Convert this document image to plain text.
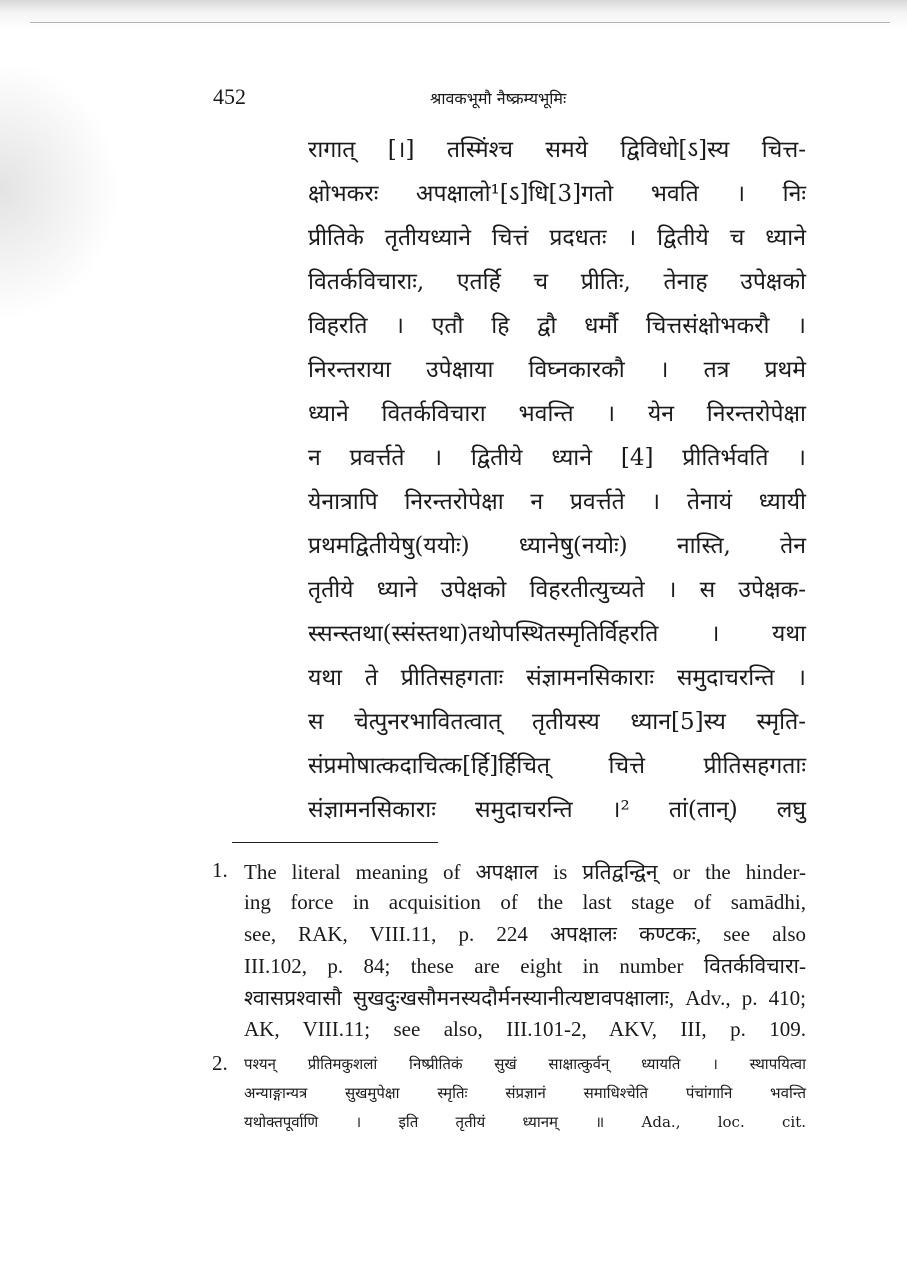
452	श्रावकभूमौ नैष्क्रम्यभूमिः
रागात् [।] तस्मिंश्च समये द्विविधो[ऽ]स्य चित्त-
क्षोभकरः अपक्षालो¹[ऽ]धि[3]गतो भवति । निः
प्रीतिके तृतीयध्याने चित्तं प्रदधतः । द्वितीये च ध्याने
वितर्कविचाराः, एतर्हि च प्रीतिः, तेनाह उपेक्षको
विहरति । एतौ हि द्वौ धर्मौ चित्तसंक्षोभकरौ ।
निरन्तराया उपेक्षाया विघ्नकारकौ । तत्र प्रथमे
ध्याने वितर्कविचारा भवन्ति । येन निरन्तरोपेक्षा
न प्रवर्त्तते । द्वितीये ध्याने [4] प्रीतिर्भवति ।
येनात्रापि निरन्तरोपेक्षा न प्रवर्त्तते । तेनायं ध्यायी
प्रथमद्वितीयेषु(ययोः) ध्यानेषु(नयोः) नास्ति, तेन
तृतीये ध्याने उपेक्षको विहरतीत्युच्यते । स उपेक्षक-
स्सन्स्तथा(स्संस्तथा)तथोपस्थितस्मृतिर्विहरति । यथा
यथा ते प्रीतिसहगताः संज्ञामनसिकाराः समुदाचरन्ति ।
स चेत्पुनरभावितत्वात् तृतीयस्य ध्यान[5]स्य स्मृति-
संप्रमोषात्कदाचित्क[र्हि]र्हिचित् चित्ते प्रीतिसहगताः
संज्ञामनसिकाराः समुदाचरन्ति ।² तां(तान्) लघु
1. The literal meaning of अपक्षाल is प्रतिद्वन्द्विन् or the hinder-
ing force in acquisition of the last stage of samādhi,
see, RAK, VIII.11, p. 224 अपक्षालः कण्टकः, see also
III.102, p. 84; these are eight in number वितर्कविचारा-
श्वासप्रश्वासौ सुखदुःखसौमनस्यदौर्मनस्यानीत्यष्टावपक्षालाः, Adv., p. 410;
AK, VIII.11; see also, III.101-2, AKV, III, p. 109.
2. पश्यन् प्रीतिमकुशलां निष्प्रीतिकं सुखं साक्षात्कुर्वन् ध्यायति । स्थापयित्वा
अन्याङ्गान्यत्र सुखमुपेक्षा स्मृतिः संप्रज्ञानं समाधिश्चेति पंचांगानि भवन्ति
यथोक्तपूर्वाणि । इति तृतीयं ध्यानम् ॥ Ada., loc. cit.
